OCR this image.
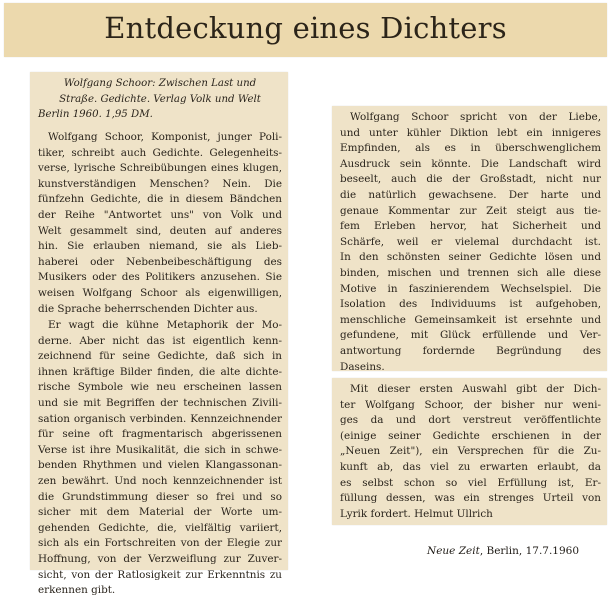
Entdeckung eines Dichters
Wolfgang Schoor: Zwischen Last und
Straße. Gedichte. Verlag Volk und Welt
Berlin 1960. 1,95 DM.
Wolfgang Schoor, Komponist, junger Poli-
tiker, schreibt auch Gedichte. Gelegenheits-
verse, lyrische Schreibübungen eines klugen,
kunstverständigen Menschen? Nein. Die
fünfzehn Gedichte, die in diesem Bändchen
der Reihe "Antwortet uns" von Volk und
Welt gesammelt sind, deuten auf anderes
hin. Sie erlauben niemand, sie als Lieb-
haberei oder Nebenbeibeschäftigung des
Musikers oder des Politikers anzusehen. Sie
weisen Wolfgang Schoor als eigenwilligen,
die Sprache beherrschenden Dichter aus.
Er wagt die kühne Metaphorik der Mo-
derne. Aber nicht das ist eigentlich kenn-
zeichnend für seine Gedichte, daß sich in
ihnen kräftige Bilder finden, die alte dichte-
rische Symbole wie neu erscheinen lassen
und sie mit Begriffen der technischen Zivili-
sation organisch verbinden. Kennzeichnender
für seine oft fragmentarisch abgerissenen
Verse ist ihre Musikalität, die sich in schwe-
benden Rhythmen und vielen Klangassonan-
zen bewährt. Und noch kennzeichnender ist
die Grundstimmung dieser so frei und so
sicher mit dem Material der Worte um-
gehenden Gedichte, die, vielfältig variiert,
sich als ein Fortschreiten von der Elegie zur
Hoffnung, von der Verzweiflung zur Zuver-
sicht, von der Ratlosigkeit zur Erkenntnis zu
erkennen gibt.
Wolfgang Schoor spricht von der Liebe,
und unter kühler Diktion lebt ein innigeres
Empfinden, als es in überschwenglichem
Ausdruck sein könnte. Die Landschaft wird
beseelt, auch die der Großstadt, nicht nur
die natürlich gewachsene. Der harte und
genaue Kommentar zur Zeit steigt aus tie-
fem Erleben hervor, hat Sicherheit und
Schärfe, weil er vielemal durchdacht ist.
In den schönsten seiner Gedichte lösen und
binden, mischen und trennen sich alle diese
Motive in faszinierendem Wechselspiel. Die
Isolation des Individuums ist aufgehoben,
menschliche Gemeinsamkeit ist ersehnte und
gefundene, mit Glück erfüllende und Ver-
antwortung fordernde Begründung des
Daseins.
Mit dieser ersten Auswahl gibt der Dich-
ter Wolfgang Schoor, der bisher nur weni-
ges da und dort verstreut veröffentlichte
(einige seiner Gedichte erschienen in der
„Neuen Zeit"), ein Versprechen für die Zu-
kunft ab, das viel zu erwarten erlaubt, da
es selbst schon so viel Erfüllung ist, Er-
füllung dessen, was ein strenges Urteil von
Lyrik fordert. Helmut Ullrich
Neue Zeit, Berlin, 17.7.1960
